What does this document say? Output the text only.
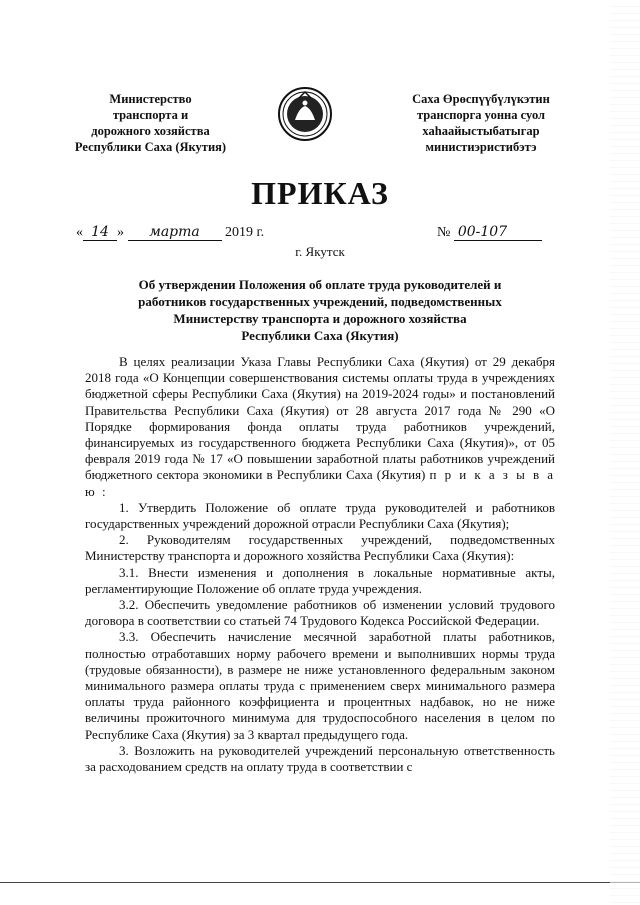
Министерство
транспорта и
дорожного хозяйства
Республики Саха (Якутия)
Саха Өрөспүүбүлүкэтин
транспорга уонна суол
хаһаайыстыбатыгар
министиэристибэтэ
ПРИКАЗ
« 14 » марта 2019 г.	№ 00-107
г. Якутск
Об утверждении Положения об оплате труда руководителей и
работников государственных учреждений, подведомственных
Министерству транспорта и дорожного хозяйства
Республики Саха (Якутия)

В целях реализации Указа Главы Республики Саха (Якутия) от 29 декабря 2018 года «О Концепции совершенствования системы оплаты труда в учреждениях бюджетной сферы Республики Саха (Якутия) на 2019-2024 годы» и постановлений Правительства Республики Саха (Якутия) от 28 августа 2017 года № 290 «О Порядке формирования фонда оплаты труда работников учреждений, финансируемых из государственного бюджета Республики Саха (Якутия)», от 05 февраля 2019 года № 17 «О повышении заработной платы работников учреждений бюджетного сектора экономики в Республики Саха (Якутия) п р и к а з ы в а ю :

1. Утвердить Положение об оплате труда руководителей и работников государственных учреждений дорожной отрасли Республики Саха (Якутия);

2. Руководителям государственных учреждений, подведомственных Министерству транспорта и дорожного хозяйства Республики Саха (Якутия):

3.1. Внести изменения и дополнения в локальные нормативные акты, регламентирующие Положение об оплате труда учреждения.

3.2. Обеспечить уведомление работников об изменении условий трудового договора в соответствии со статьей 74 Трудового Кодекса Российской Федерации.

3.3. Обеспечить начисление месячной заработной платы работников, полностью отработавших норму рабочего времени и выполнивших нормы труда (трудовые обязанности), в размере не ниже установленного федеральным законом минимального размера оплаты труда с применением сверх минимального размера оплаты труда районного коэффициента и процентных надбавок, но не ниже величины прожиточного минимума для трудоспособного населения в целом по Республике Саха (Якутия) за 3 квартал предыдущего года.

3. Возложить на руководителей учреждений персональную ответственность за расходованием средств на оплату труда в соответствии с
